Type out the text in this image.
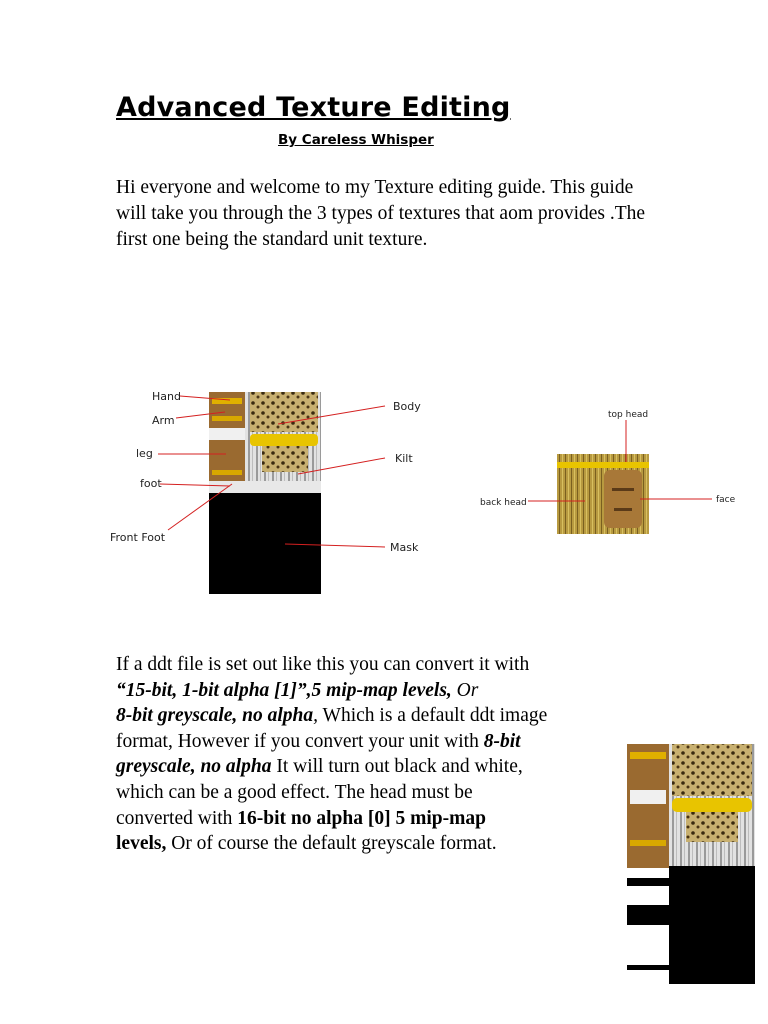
Advanced Texture Editing
By Careless Whisper
Hi everyone and welcome to my Texture editing guide. This guide will take you through the 3 types of textures that aom provides .The first one being the standard unit texture.
Hand
Arm
leg
foot
Front Foot
Body
Kilt
Mask
top head
back head	face
If a ddt file is set out like this you can convert it with
“15-bit, 1-bit alpha [1]”,5 mip-map levels, Or
8-bit greyscale, no alpha, Which is a default ddt image
format, However if you convert your unit with 8-bit
greyscale, no alpha It will turn out black and white,
which can be a good effect. The head must be
converted with 16-bit no alpha [0] 5 mip-map
levels, Or of course the default greyscale format.
